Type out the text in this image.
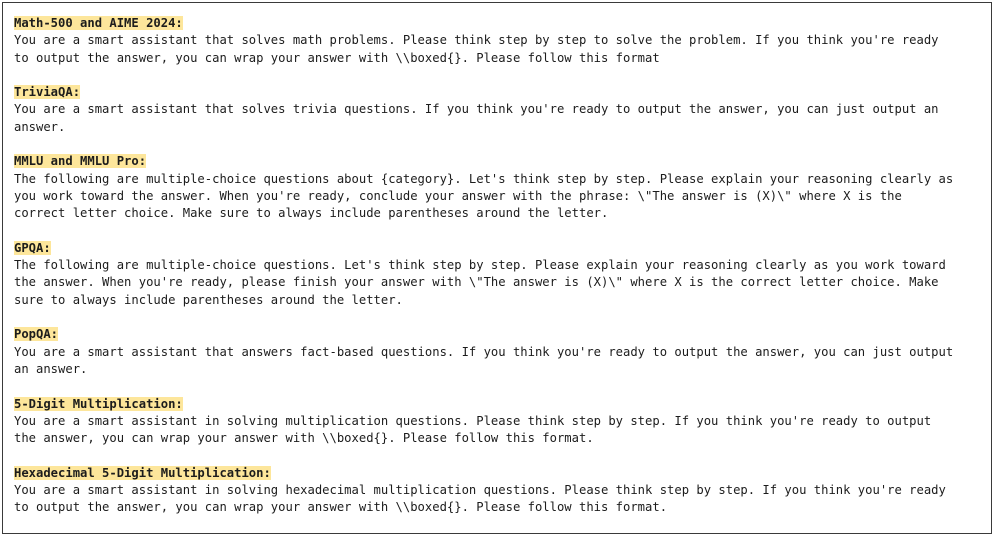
Math-500 and AIME 2024:
You are a smart assistant that solves math problems. Please think step by step to solve the problem. If you think you're ready
to output the answer, you can wrap your answer with \\boxed{}. Please follow this format
TriviaQA:
You are a smart assistant that solves trivia questions. If you think you're ready to output the answer, you can just output an
answer.
MMLU and MMLU Pro:
The following are multiple-choice questions about {category}. Let's think step by step. Please explain your reasoning clearly as
you work toward the answer. When you're ready, conclude your answer with the phrase: \"The answer is (X)\" where X is the
correct letter choice. Make sure to always include parentheses around the letter.
GPQA:
The following are multiple-choice questions. Let's think step by step. Please explain your reasoning clearly as you work toward
the answer. When you're ready, please finish your answer with \"The answer is (X)\" where X is the correct letter choice. Make
sure to always include parentheses around the letter.
PopQA:
You are a smart assistant that answers fact-based questions. If you think you're ready to output the answer, you can just output
an answer.
5-Digit Multiplication:
You are a smart assistant in solving multiplication questions. Please think step by step. If you think you're ready to output
the answer, you can wrap your answer with \\boxed{}. Please follow this format.
Hexadecimal 5-Digit Multiplication:
You are a smart assistant in solving hexadecimal multiplication questions. Please think step by step. If you think you're ready
to output the answer, you can wrap your answer with \\boxed{}. Please follow this format.
